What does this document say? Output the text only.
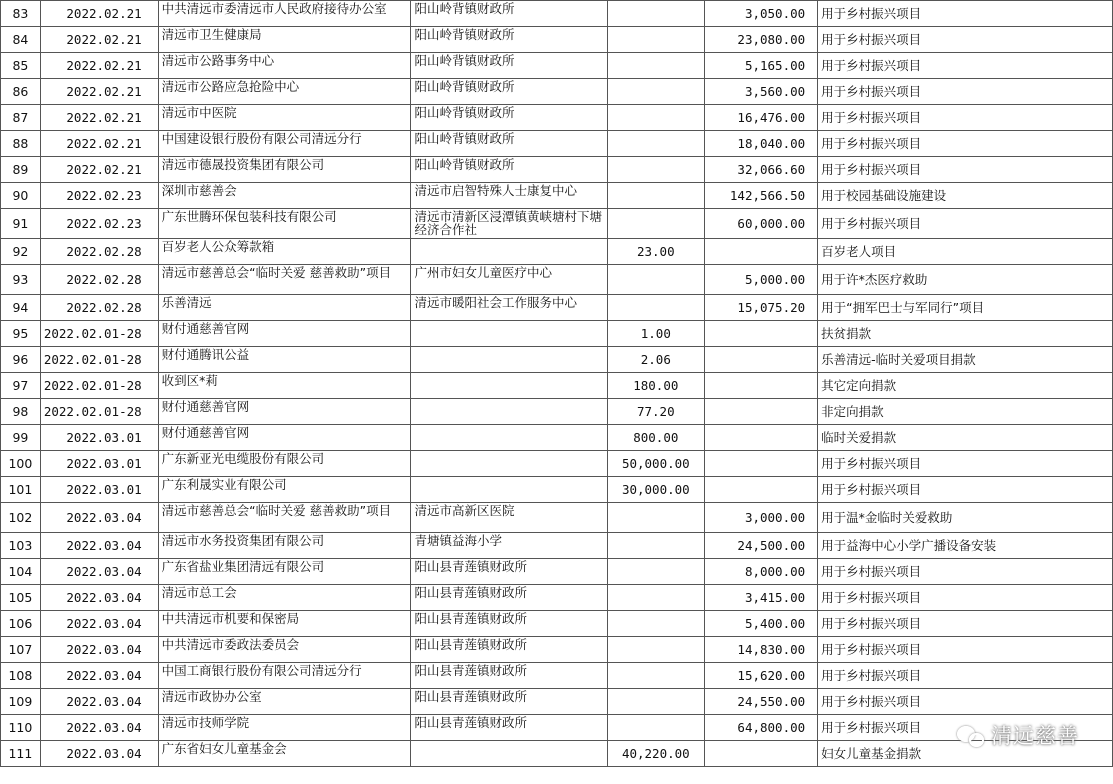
83	2022.02.21	中共清远市委清远市人民政府接待办公室	阳山岭背镇财政所		3,050.00	用于乡村振兴项目
84	2022.02.21	清远市卫生健康局	阳山岭背镇财政所		23,080.00	用于乡村振兴项目
85	2022.02.21	清远市公路事务中心	阳山岭背镇财政所		5,165.00	用于乡村振兴项目
86	2022.02.21	清远市公路应急抢险中心	阳山岭背镇财政所		3,560.00	用于乡村振兴项目
87	2022.02.21	清远市中医院	阳山岭背镇财政所		16,476.00	用于乡村振兴项目
88	2022.02.21	中国建设银行股份有限公司清远分行	阳山岭背镇财政所		18,040.00	用于乡村振兴项目
89	2022.02.21	清远市德晟投资集团有限公司	阳山岭背镇财政所		32,066.60	用于乡村振兴项目
90	2022.02.23	深圳市慈善会	清远市启智特殊人士康复中心		142,566.50	用于校园基础设施建设
91	2022.02.23	广东世腾环保包装科技有限公司	清远市清新区浸潭镇黄峡塘村下塘经济合作社		60,000.00	用于乡村振兴项目
92	2022.02.28	百岁老人公众筹款箱		23.00		百岁老人项目
93	2022.02.28	清远市慈善总会“临时关爱 慈善救助”项目	广州市妇女儿童医疗中心		5,000.00	用于许*杰医疗救助
94	2022.02.28	乐善清远	清远市暖阳社会工作服务中心		15,075.20	用于“拥军巴士与军同行”项目
95	2022.02.01-28	财付通慈善官网		1.00		扶贫捐款
96	2022.02.01-28	财付通腾讯公益		2.06		乐善清远-临时关爱项目捐款
97	2022.02.01-28	收到区*莉		180.00		其它定向捐款
98	2022.02.01-28	财付通慈善官网		77.20		非定向捐款
99	2022.03.01	财付通慈善官网		800.00		临时关爱捐款
100	2022.03.01	广东新亚光电缆股份有限公司		50,000.00		用于乡村振兴项目
101	2022.03.01	广东利晟实业有限公司		30,000.00		用于乡村振兴项目
102	2022.03.04	清远市慈善总会“临时关爱 慈善救助”项目	清远市高新区医院		3,000.00	用于温*金临时关爱救助
103	2022.03.04	清远市水务投资集团有限公司	青塘镇益海小学		24,500.00	用于益海中心小学广播设备安装
104	2022.03.04	广东省盐业集团清远有限公司	阳山县青莲镇财政所		8,000.00	用于乡村振兴项目
105	2022.03.04	清远市总工会	阳山县青莲镇财政所		3,415.00	用于乡村振兴项目
106	2022.03.04	中共清远市机要和保密局	阳山县青莲镇财政所		5,400.00	用于乡村振兴项目
107	2022.03.04	中共清远市委政法委员会	阳山县青莲镇财政所		14,830.00	用于乡村振兴项目
108	2022.03.04	中国工商银行股份有限公司清远分行	阳山县青莲镇财政所		15,620.00	用于乡村振兴项目
109	2022.03.04	清远市政协办公室	阳山县青莲镇财政所		24,550.00	用于乡村振兴项目
110	2022.03.04	清远市技师学院	阳山县青莲镇财政所		64,800.00	用于乡村振兴项目
111	2022.03.04	广东省妇女儿童基金会		40,220.00		妇女儿童基金捐款
清远慈善
